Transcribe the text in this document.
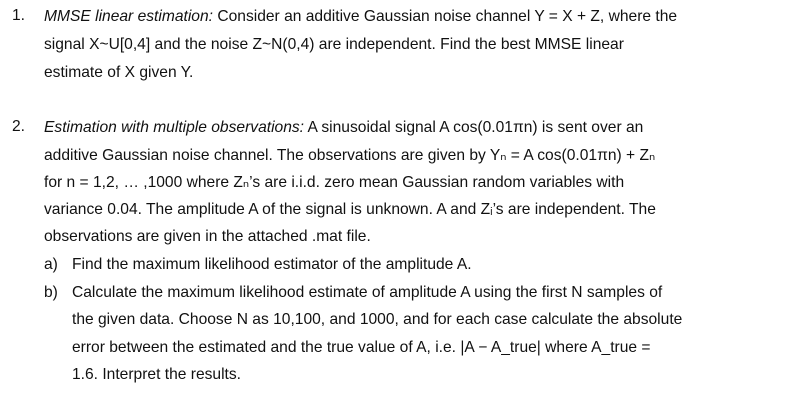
1. MMSE linear estimation: Consider an additive Gaussian noise channel Y = X + Z, where the
signal X~U[0,4] and the noise Z~N(0,4) are independent. Find the best MMSE linear
estimate of X given Y.
2. Estimation with multiple observations: A sinusoidal signal A cos(0.01πn) is sent over an
additive Gaussian noise channel. The observations are given by Yₙ = A cos(0.01πn) + Zₙ
for n = 1,2, … ,1000 where Zₙ’s are i.i.d. zero mean Gaussian random variables with
variance 0.04. The amplitude A of the signal is unknown. A and Zᵢ’s are independent. The
observations are given in the attached .mat file.
a) Find the maximum likelihood estimator of the amplitude A.
b) Calculate the maximum likelihood estimate of amplitude A using the first N samples of
the given data. Choose N as 10,100, and 1000, and for each case calculate the absolute
error between the estimated and the true value of A, i.e. |A − A_true| where A_true =
1.6. Interpret the results.
